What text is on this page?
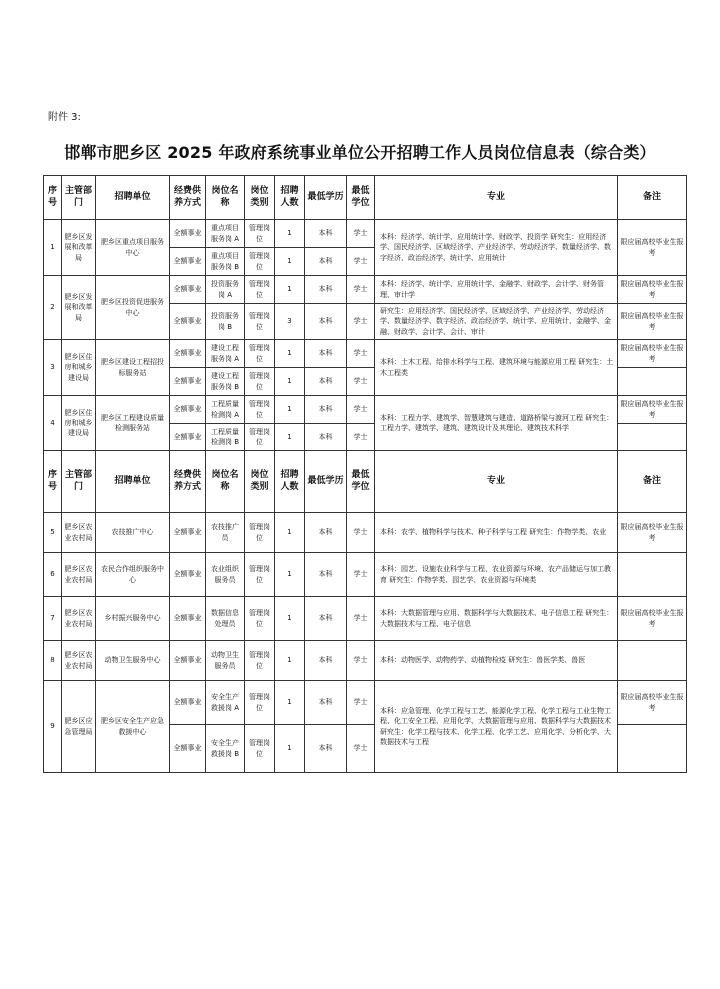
附件 3:
邯郸市肥乡区 2025 年政府系统事业单位公开招聘工作人员岗位信息表（综合类）
序号	主管部门	招聘单位	经费供养方式	岗位名称	岗位类别	招聘人数	最低学历	最低学位	专业	备注
1	肥乡区发展和改革局	肥乡区重点项目服务中心	全额事业	重点项目服务岗 A	管理岗位	1	本科	学士	本科：经济学、统计学、应用统计学、财政学、投资学 研究生：应用经济学、国民经济学、区域经济学、产业经济学、劳动经济学、数量经济学、数字经济、政治经济学、统计学、应用统计	限应届高校毕业生报考
			全额事业	重点项目服务岗 B	管理岗位	1	本科	学士		
2	肥乡区发展和改革局	肥乡区投资促进服务中心	全额事业	投资服务岗 A	管理岗位	1	本科	学士	本科：经济学、统计学、应用统计学、金融学、财政学、会计学、财务管理、审计学	限应届高校毕业生报考
			全额事业	投资服务岗 B	管理岗位	3	本科	学士	研究生：应用经济学、国民经济学、区域经济学、产业经济学、劳动经济学、数量经济学、数字经济、政治经济学、统计学、应用统计、金融学、金融、财政学、会计学、会计、审计	限应届高校毕业生报考
3	肥乡区住房和城乡建设局	肥乡区建设工程招投标服务站	全额事业	建设工程服务岗 A	管理岗位	1	本科	学士	本科：土木工程、给排水科学与工程、建筑环境与能源应用工程 研究生：土木工程类	限应届高校毕业生报考
			全额事业	建设工程服务岗 B	管理岗位	1	本科	学士		
4	肥乡区住房和城乡建设局	肥乡区工程建设质量检测服务站	全额事业	工程质量检测岗 A	管理岗位	1	本科	学士	本科：工程力学、建筑学、智慧建筑与建造、道路桥梁与渡河工程 研究生：工程力学、建筑学、建筑、建筑设计及其理论、建筑技术科学	限应届高校毕业生报考
			全额事业	工程质量检测岗 B	管理岗位	1	本科	学士		
序号	主管部门	招聘单位	经费供养方式	岗位名称	岗位类别	招聘人数	最低学历	最低学位	专业	备注
5	肥乡区农业农村局	农技推广中心	全额事业	农技推广员	管理岗位	1	本科	学士	本科：农学、植物科学与技术、种子科学与工程 研究生：作物学类、农业	限应届高校毕业生报考
6	肥乡区农业农村局	农民合作组织服务中心	全额事业	农业组织服务员	管理岗位	1	本科	学士	本科：园艺、设施农业科学与工程、农业资源与环境、农产品储运与加工教育 研究生：作物学类、园艺学、农业资源与环境类	
7	肥乡区农业农村局	乡村振兴服务中心	全额事业	数据信息处理员	管理岗位	1	本科	学士	本科：大数据管理与应用、数据科学与大数据技术、电子信息工程 研究生：大数据技术与工程、电子信息	限应届高校毕业生报考
8	肥乡区农业农村局	动物卫生服务中心	全额事业	动物卫生服务员	管理岗位	1	本科	学士	本科：动物医学、动物药学、动植物检疫 研究生：兽医学类、兽医	
9	肥乡区应急管理局	肥乡区安全生产应急救援中心	全额事业	安全生产救援岗 A	管理岗位	1	本科	学士	本科：应急管理、化学工程与工艺、能源化学工程、化学工程与工业生物工程、化工安全工程、应用化学、大数据管理与应用、数据科学与大数据技术 研究生：化学工程与技术、化学工程、化学工艺、应用化学、分析化学、大数据技术与工程	限应届高校毕业生报考
			全额事业	安全生产救援岗 B	管理岗位	1	本科	学士		
